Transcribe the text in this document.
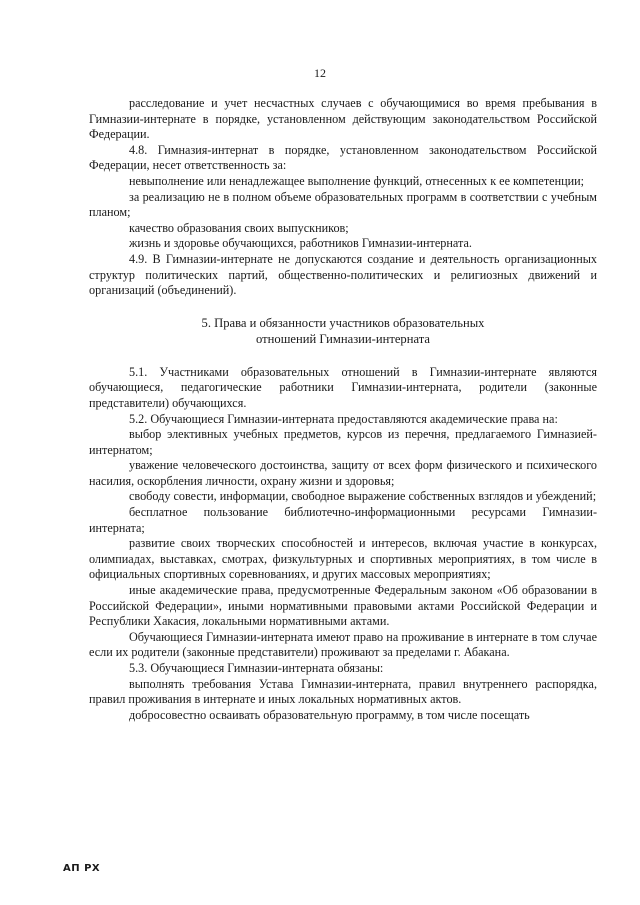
12

расследование и учет несчастных случаев с обучающимися во время пребывания в Гимназии-интернате в порядке, установленном действующим законодательством Российской Федерации.

4.8. Гимназия-интернат в порядке, установленном законодательством Российской Федерации, несет ответственность за:

невыполнение или ненадлежащее выполнение функций, отнесенных к ее компетенции;

за реализацию не в полном объеме образовательных программ в соответствии с учебным планом;

качество образования своих выпускников;

жизнь и здоровье обучающихся, работников Гимназии-интерната.

4.9. В Гимназии-интернате не допускаются создание и деятельность организационных структур политических партий, общественно-политических и религиозных движений и организаций (объединений).

5. Права и обязанности участников образовательных
отношений Гимназии-интерната

5.1. Участниками образовательных отношений в Гимназии-интернате являются обучающиеся, педагогические работники Гимназии-интерната, родители (законные представители) обучающихся.

5.2. Обучающиеся Гимназии-интерната предоставляются академические права на:

выбор элективных учебных предметов, курсов из перечня, предлагаемого Гимназией-интернатом;

уважение человеческого достоинства, защиту от всех форм физического и психического насилия, оскорбления личности, охрану жизни и здоровья;

свободу совести, информации, свободное выражение собственных взглядов и убеждений;

бесплатное пользование библиотечно-информационными ресурсами Гимназии-интерната;

развитие своих творческих способностей и интересов, включая участие в конкурсах, олимпиадах, выставках, смотрах, физкультурных и спортивных мероприятиях, в том числе в официальных спортивных соревнованиях, и других массовых мероприятиях;

иные академические права, предусмотренные Федеральным законом «Об образовании в Российской Федерации», иными нормативными правовыми актами Российской Федерации и Республики Хакасия, локальными нормативными актами.

Обучающиеся Гимназии-интерната имеют право на проживание в интернате в том случае если их родители (законные представители) проживают за пределами г. Абакана.

5.3. Обучающиеся Гимназии-интерната обязаны:

выполнять требования Устава Гимназии-интерната, правил внутреннего распорядка, правил проживания в интернате и иных локальных нормативных актов.

добросовестно осваивать образовательную программу, в том числе посещать

АП РХ
